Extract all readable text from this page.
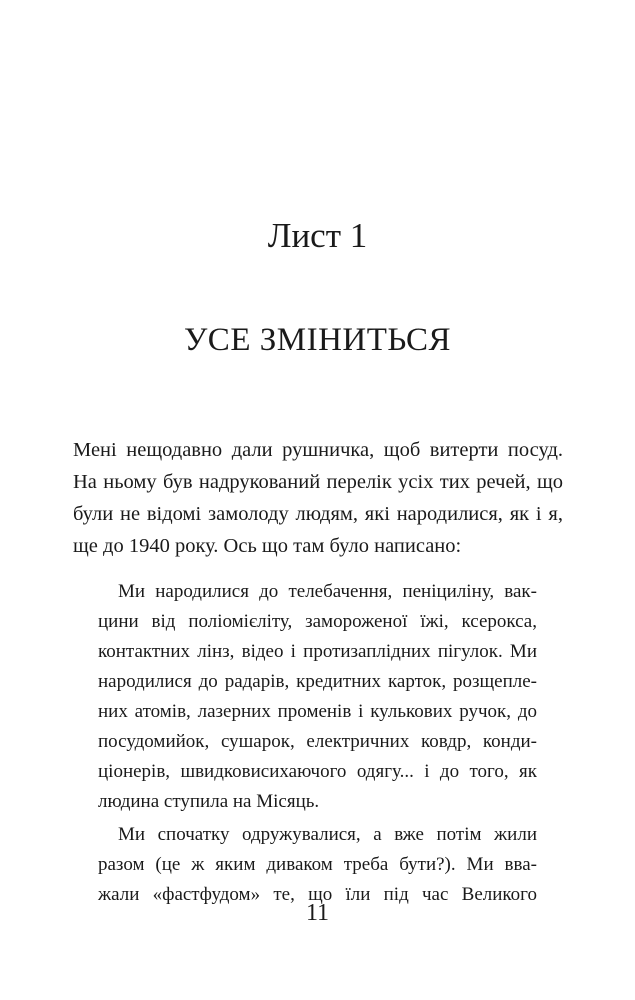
Лист 1
УСЕ ЗМІНИТЬСЯ
Мені нещодавно дали рушничка, щоб витерти посуд.
На ньому був надрукований перелік усіх тих речей, що
були не відомі замолоду людям, які народилися, як і я,
ще до 1940 року. Ось що там було написано:
Ми народилися до телебачення, пеніциліну, вак-
цини від поліомієліту, замороженої їжі, ксерокса,
контактних лінз, відео і протизаплідних пігулок. Ми
народилися до радарів, кредитних карток, розщепле-
них атомів, лазерних променів і кулькових ручок, до
посудомийок, сушарок, електричних ковдр, конди-
ціонерів, швидковисихаючого одягу... і до того, як
людина ступила на Місяць.
Ми спочатку одружувалися, а вже потім жили
разом (це ж яким диваком треба бути?). Ми вва-
жали «фастфудом» те, що їли під час Великого
11
